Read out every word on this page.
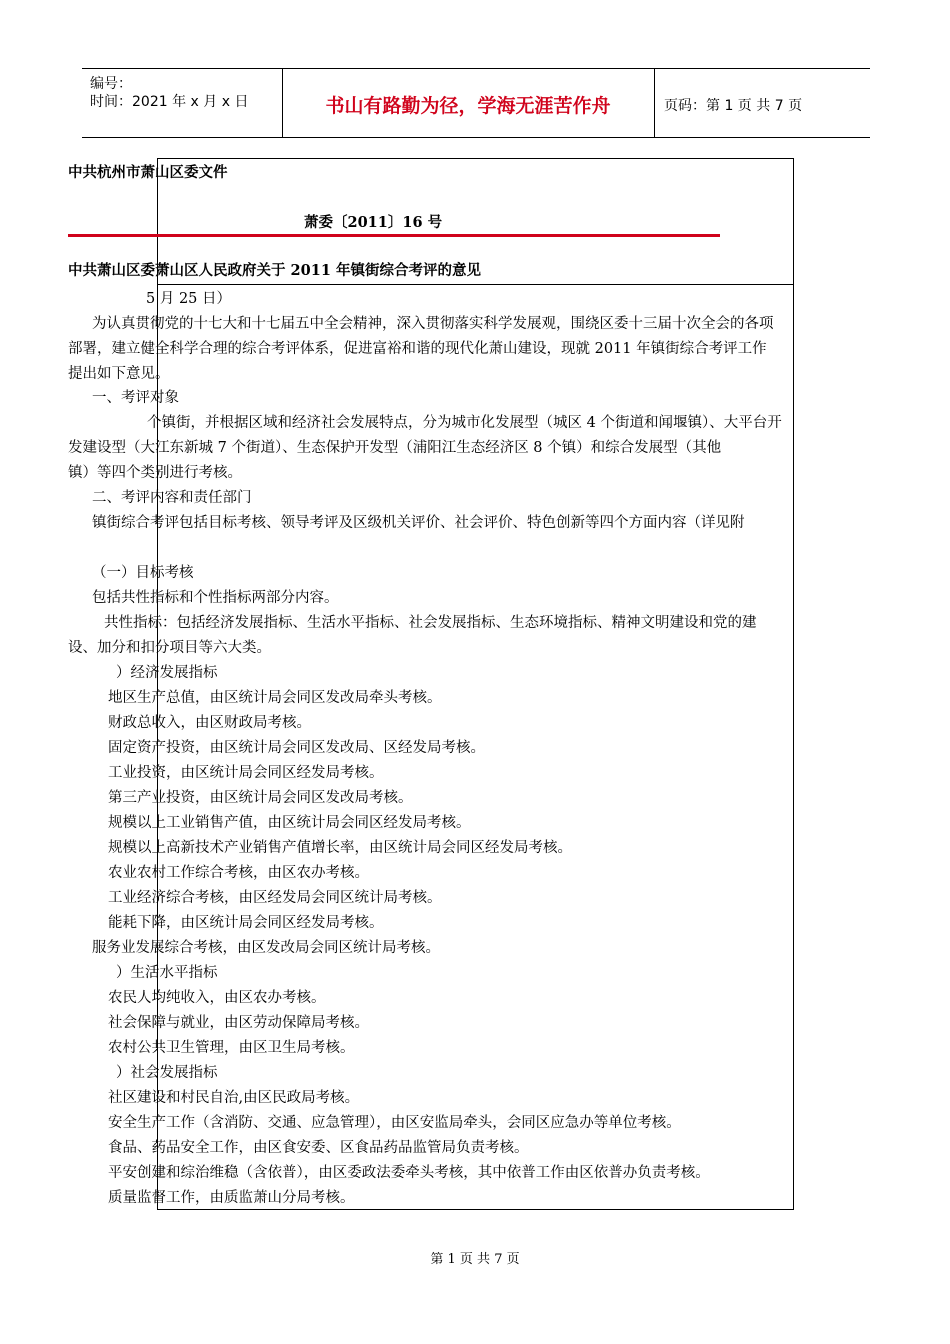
编号：
时间：2021 年 x 月 x 日	书山有路勤为径，学海无涯苦作舟	页码：第 1 页 共 7 页
中共杭州市萧山区委文件
萧委〔2011〕16 号
中共萧山区委萧山区人民政府关于 2011 年镇街综合考评的意见
5 月 25 日）
为认真贯彻党的十七大和十七届五中全会精神，深入贯彻落实科学发展观，围绕区委十三届十次全会的各项
部署，建立健全科学合理的综合考评体系，促进富裕和谐的现代化萧山建设，现就 2011 年镇街综合考评工作
提出如下意见。
一、考评对象
个镇街，并根据区域和经济社会发展特点，分为城市化发展型（城区 4 个街道和闻堰镇）、大平台开
发建设型（大江东新城 7 个街道）、生态保护开发型（浦阳江生态经济区 8 个镇）和综合发展型（其他
镇）等四个类别进行考核。
二、考评内容和责任部门
镇街综合考评包括目标考核、领导考评及区级机关评价、社会评价、特色创新等四个方面内容（详见附
（一）目标考核
包括共性指标和个性指标两部分内容。
共性指标：包括经济发展指标、生活水平指标、社会发展指标、生态环境指标、精神文明建设和党的建
设、加分和扣分项目等六大类。
）经济发展指标
地区生产总值，由区统计局会同区发改局牵头考核。
财政总收入，由区财政局考核。
固定资产投资，由区统计局会同区发改局、区经发局考核。
工业投资，由区统计局会同区经发局考核。
第三产业投资，由区统计局会同区发改局考核。
规模以上工业销售产值，由区统计局会同区经发局考核。
规模以上高新技术产业销售产值增长率，由区统计局会同区经发局考核。
农业农村工作综合考核，由区农办考核。
工业经济综合考核，由区经发局会同区统计局考核。
能耗下降，由区统计局会同区经发局考核。
服务业发展综合考核，由区发改局会同区统计局考核。
）生活水平指标
农民人均纯收入，由区农办考核。
社会保障与就业，由区劳动保障局考核。
农村公共卫生管理，由区卫生局考核。
）社会发展指标
社区建设和村民自治,由区民政局考核。
安全生产工作（含消防、交通、应急管理），由区安监局牵头，会同区应急办等单位考核。
食品、药品安全工作，由区食安委、区食品药品监管局负责考核。
平安创建和综治维稳（含依普），由区委政法委牵头考核，其中依普工作由区依普办负责考核。
质量监督工作，由质监萧山分局考核。
第 1 页 共 7 页
